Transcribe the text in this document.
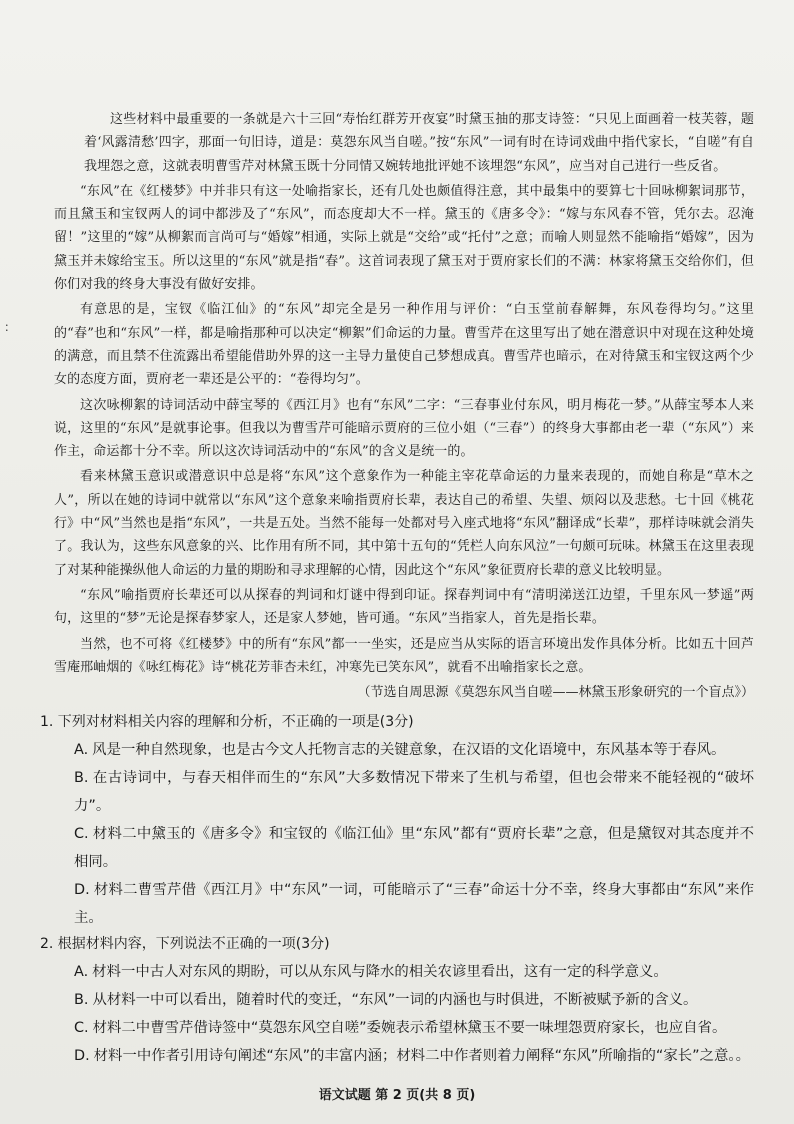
：

这些材料中最重要的一条就是六十三回“寿怡红群芳开夜宴”时黛玉抽的那支诗签：“只见上面画着一枝芙蓉，题着‘风露清愁’四字，那面一句旧诗，道是：莫怨东风当自嗟。”按“东风”一词有时在诗词戏曲中指代家长，“自嗟”有自我埋怨之意，这就表明曹雪芹对林黛玉既十分同情又婉转地批评她不该埋怨“东风”，应当对自己进行一些反省。

“东风”在《红楼梦》中并非只有这一处喻指家长，还有几处也颇值得注意，其中最集中的要算七十回咏柳絮词那节，而且黛玉和宝钗两人的词中都涉及了“东风”，而态度却大不一样。黛玉的《唐多令》：“嫁与东风春不管，凭尔去。忍淹留！”这里的“嫁”从柳絮而言尚可与“婚嫁”相通，实际上就是“交给”或“托付”之意；而喻人则显然不能喻指“婚嫁”，因为黛玉并未嫁给宝玉。所以这里的“东风”就是指“春”。这首词表现了黛玉对于贾府家长们的不满：林家将黛玉交给你们，但你们对我的终身大事没有做好安排。

有意思的是，宝钗《临江仙》的“东风”却完全是另一种作用与评价：“白玉堂前春解舞，东风卷得均匀。”这里的“春”也和“东风”一样，都是喻指那种可以决定“柳絮”们命运的力量。曹雪芹在这里写出了她在潜意识中对现在这种处境的满意，而且禁不住流露出希望能借助外界的这一主导力量使自己梦想成真。曹雪芹也暗示，在对待黛玉和宝钗这两个少女的态度方面，贾府老一辈还是公平的：“卷得均匀”。

这次咏柳絮的诗词活动中薛宝琴的《西江月》也有“东风”二字：“三春事业付东风，明月梅花一梦。”从薛宝琴本人来说，这里的“东风”是就事论事。但我以为曹雪芹可能暗示贾府的三位小姐（“三春”）的终身大事都由老一辈（“东风”）来作主，命运都十分不幸。所以这次诗词活动中的“东风”的含义是统一的。

看来林黛玉意识或潜意识中总是将“东风”这个意象作为一种能主宰花草命运的力量来表现的，而她自称是“草木之人”，所以在她的诗词中就常以“东风”这个意象来喻指贾府长辈，表达自己的希望、失望、烦闷以及悲愁。七十回《桃花行》中“风”当然也是指“东风”，一共是五处。当然不能每一处都对号入座式地将“东风”翻译成“长辈”，那样诗味就会消失了。我认为，这些东风意象的兴、比作用有所不同，其中第十五句的“凭栏人向东风泣”一句颇可玩味。林黛玉在这里表现了对某种能操纵他人命运的力量的期盼和寻求理解的心情，因此这个“东风”象征贾府长辈的意义比较明显。

“东风”喻指贾府长辈还可以从探春的判词和灯谜中得到印证。探春判词中有“清明涕送江边望，千里东风一梦遥”两句，这里的“梦”无论是探春梦家人，还是家人梦她，皆可通。“东风”当指家人，首先是指长辈。

当然，也不可将《红楼梦》中的所有“东风”都一一坐实，还是应当从实际的语言环境出发作具体分析。比如五十回芦雪庵邢岫烟的《咏红梅花》诗“桃花芳菲杏未红，冲寒先已笑东风”，就看不出喻指家长之意。

（节选自周思源《莫怨东风当自嗟——林黛玉形象研究的一个盲点》）
1. 下列对材料相关内容的理解和分析，不正确的一项是(3分)
A. 风是一种自然现象，也是古今文人托物言志的关键意象，在汉语的文化语境中，东风基本等于春风。
B. 在古诗词中，与春天相伴而生的“东风”大多数情况下带来了生机与希望，但也会带来不能轻视的“破坏力”。
C. 材料二中黛玉的《唐多令》和宝钗的《临江仙》里“东风”都有“贾府长辈”之意，但是黛钗对其态度并不相同。
D. 材料二曹雪芹借《西江月》中“东风”一词，可能暗示了“三春”命运十分不幸，终身大事都由“东风”来作主。
2. 根据材料内容，下列说法不正确的一项(3分)
A. 材料一中古人对东风的期盼，可以从东风与降水的相关农谚里看出，这有一定的科学意义。
B. 从材料一中可以看出，随着时代的变迁，“东风”一词的内涵也与时俱进，不断被赋予新的含义。
C. 材料二中曹雪芹借诗签中“莫怨东风空自嗟”委婉表示希望林黛玉不要一味埋怨贾府家长，也应自省。
D. 材料一中作者引用诗句阐述“东风”的丰富内涵；材料二中作者则着力阐释“东风”所喻指的“家长”之意。。
语文试题 第 2 页(共 8 页)
